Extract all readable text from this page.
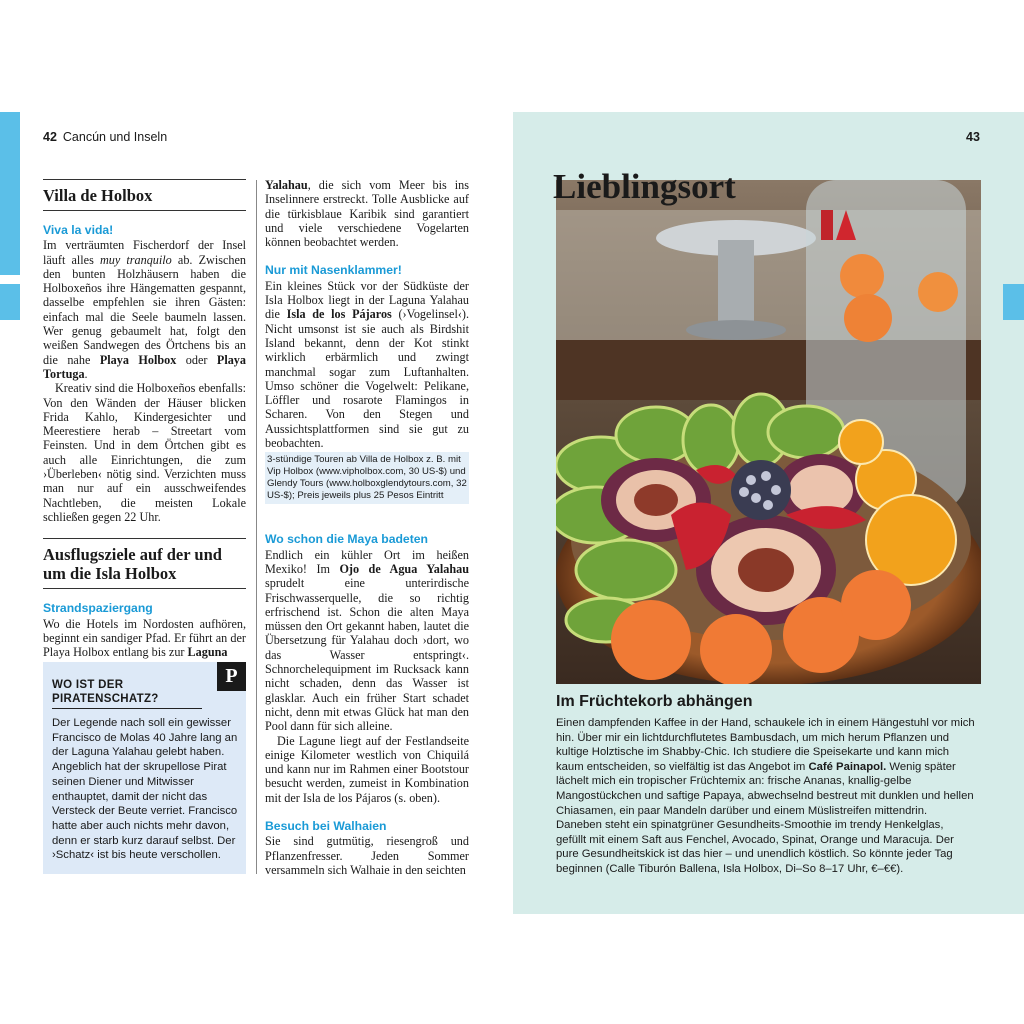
42 Cancún und Inseln	43
Villa de Holbox
Viva la vida!

Im verträumten Fischerdorf der Insel läuft alles muy tranquilo ab. Zwischen den bunten Holzhäusern haben die Holboxeños ihre Hängematten gespannt, dasselbe empfehlen sie ihren Gästen: einfach mal die Seele baumeln lassen. Wer genug gebaumelt hat, folgt den weißen Sandwegen des Örtchens bis an die nahe Playa Holbox oder Playa Tortuga.

Kreativ sind die Holboxeños ebenfalls: Von den Wänden der Häuser blicken Frida Kahlo, Kindergesichter und Meerestiere herab – Streetart vom Feinsten. Und in dem Örtchen gibt es auch alle Einrichtungen, die zum ›Überleben‹ nötig sind. Verzichten muss man nur auf ein ausschweifendes Nachtleben, die meisten Lokale schließen gegen 22 Uhr.

Ausflugsziele auf der und um die Isla Holbox
Strandspaziergang

Wo die Hotels im Nordosten aufhören, beginnt ein sandiger Pfad. Er führt an der Playa Holbox entlang bis zur Laguna

P
WO IST DER PIRATENSCHATZ?
Der Legende nach soll ein gewisser Francisco de Molas 40 Jahre lang an der Laguna Yalahau gelebt haben. Angeblich hat der skrupellose Pirat seinen Diener und Mitwisser enthauptet, damit der nicht das Versteck der Beute verriet. Francisco hatte aber auch nichts mehr davon, denn er starb kurz darauf selbst. Der ›Schatz‹ ist bis heute verschollen.

Yalahau, die sich vom Meer bis ins Inselinnere erstreckt. Tolle Ausblicke auf die türkisblaue Karibik sind garantiert und viele verschiedene Vogelarten können beobachtet werden.

Nur mit Nasenklammer!

Ein kleines Stück vor der Südküste der Isla Holbox liegt in der Laguna Yalahau die Isla de los Pájaros (›Vogelinsel‹). Nicht umsonst ist sie auch als Birdshit Island bekannt, denn der Kot stinkt wirklich erbärmlich und zwingt manchmal sogar zum Luftanhalten. Umso schöner die Vogelwelt: Pelikane, Löffler und rosarote Flamingos in Scharen. Von den Stegen und Aussichtsplattformen sind sie gut zu beobachten.

3-stündige Touren ab Villa de Holbox z. B. mit Vip Holbox (www.vipholbox.com, 30 US-$) und Glendy Tours (www.holboxglendytours.com, 32 US-$); Preis jeweils plus 25 Pesos Eintritt
Wo schon die Maya badeten

Endlich ein kühler Ort im heißen Mexiko! Im Ojo de Agua Yalahau sprudelt eine unterirdische Frischwasserquelle, die so richtig erfrischend ist. Schon die alten Maya müssen den Ort gekannt haben, lautet die Übersetzung für Yalahau doch ›dort, wo das Wasser entspringt‹. Schnorchelequipment im Rucksack kann nicht schaden, denn das Wasser ist glasklar. Auch ein früher Start schadet nicht, denn mit etwas Glück hat man den Pool dann für sich alleine.

Die Lagune liegt auf der Festlandseite einige Kilometer westlich von Chiquilá und kann nur im Rahmen einer Bootstour besucht werden, zumeist in Kombination mit der Isla de los Pájaros (s. oben).

Besuch bei Walhaien

Sie sind gutmütig, riesengroß und Pflanzenfresser. Jeden Sommer versammeln sich Walhaie in den seichten

Lieblingsort
Im Früchtekorb abhängen
Einen dampfenden Kaffee in der Hand, schaukele ich in einem Hängestuhl vor mich hin. Über mir ein lichtdurchflutetes Bambusdach, um mich herum Pflanzen und kultige Holztische im Shabby-Chic. Ich studiere die Speisekarte und kann mich kaum entscheiden, so vielfältig ist das Angebot im Café Painapol. Wenig später lächelt mich ein tropischer Früchtemix an: frische Ananas, knallig-gelbe Mangostückchen und saftige Papaya, abwechselnd bestreut mit dunklen und hellen Chiasamen, ein paar Mandeln darüber und einem Müslistreifen mittendrin. Daneben steht ein spinatgrüner Gesundheits-Smoothie im trendy Henkelglas, gefüllt mit einem Saft aus Fenchel, Avocado, Spinat, Orange und Maracuja. Der pure Gesundheitskick ist das hier – und unendlich köstlich. So könnte jeder Tag beginnen (Calle Tiburón Ballena, Isla Holbox, Di–So 8–17 Uhr, €–€€).
